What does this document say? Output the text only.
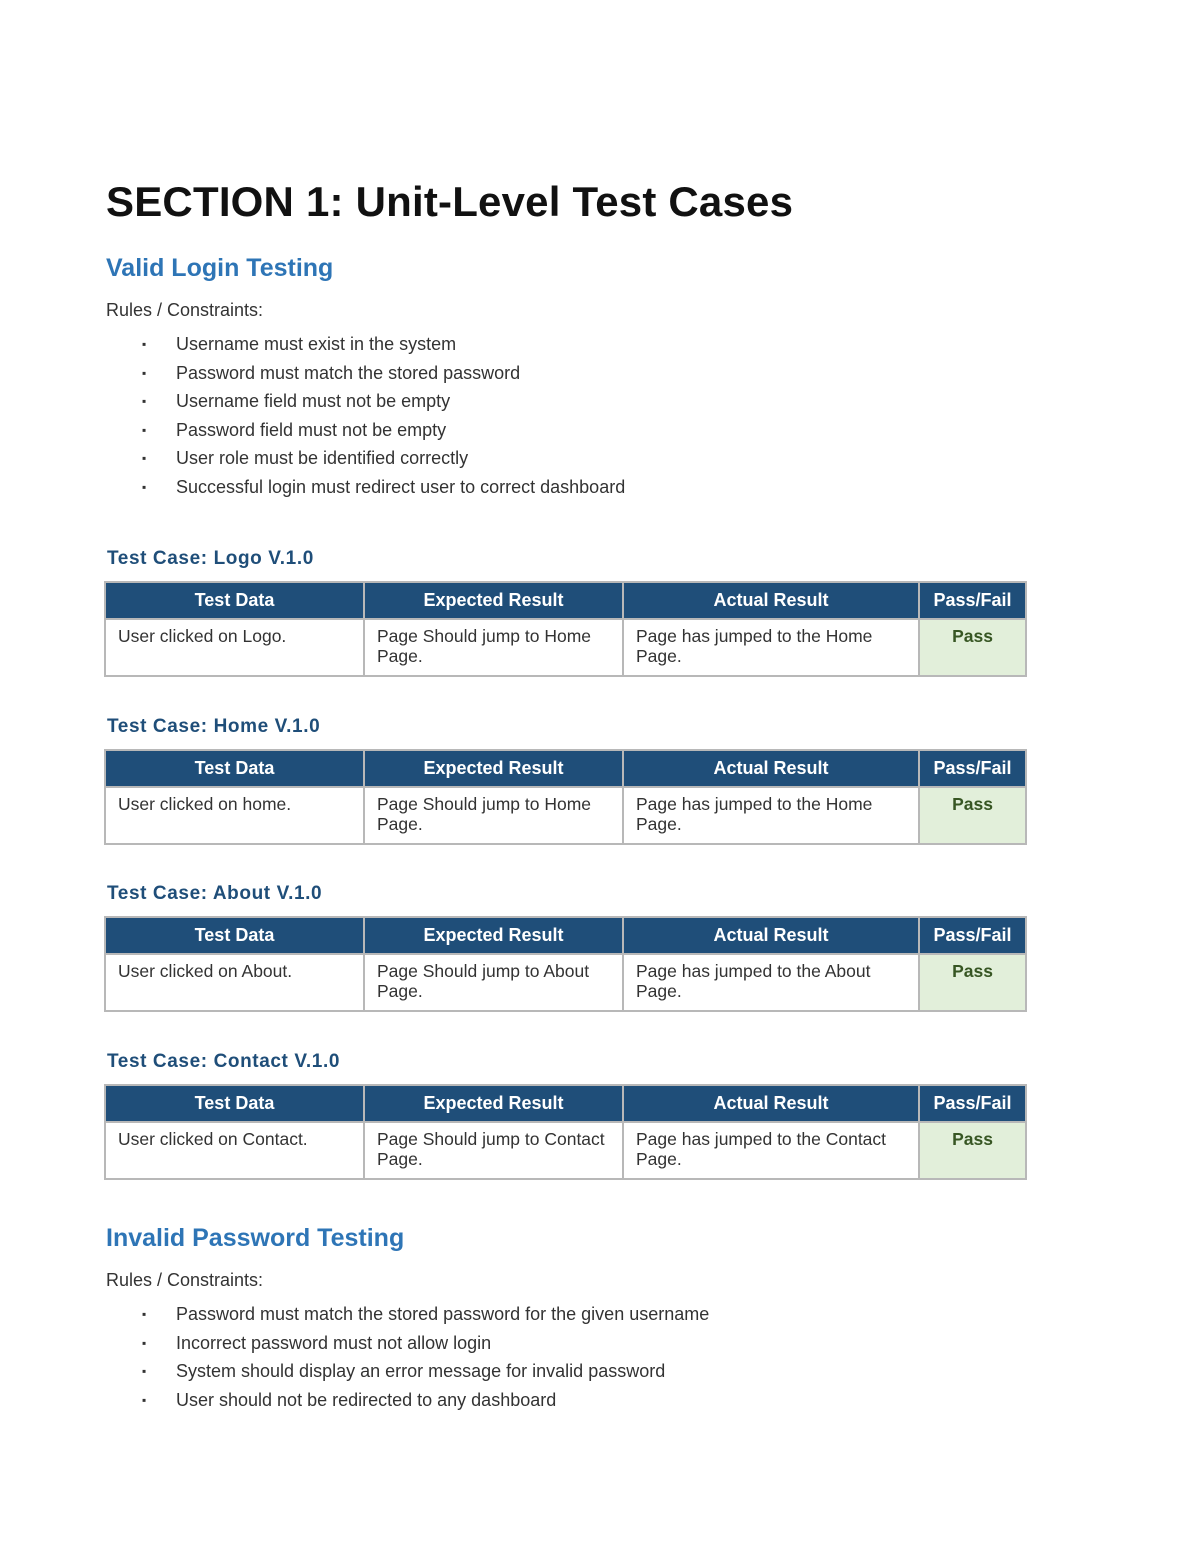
SECTION 1: Unit-Level Test Cases
Valid Login Testing

Rules / Constraints:

▪ Username must exist in the system
▪ Password must match the stored password
▪ Username field must not be empty
▪ Password field must not be empty
▪ User role must be identified correctly
▪ Successful login must redirect user to correct dashboard

Test Case: Logo V.1.0

Test Data	Expected Result	Actual Result	Pass/Fail
User clicked on Logo.	Page Should jump to Home Page.	Page has jumped to the Home Page.	Pass

Test Case: Home V.1.0

Test Data	Expected Result	Actual Result	Pass/Fail
User clicked on home.	Page Should jump to Home Page.	Page has jumped to the Home Page.	Pass

Test Case: About V.1.0

Test Data	Expected Result	Actual Result	Pass/Fail
User clicked on About.	Page Should jump to About Page.	Page has jumped to the About Page.	Pass

Test Case: Contact V.1.0

Test Data	Expected Result	Actual Result	Pass/Fail
User clicked on Contact.	Page Should jump to Contact Page.	Page has jumped to the Contact Page.	Pass
Invalid Password Testing

Rules / Constraints:

▪ Password must match the stored password for the given username
▪ Incorrect password must not allow login
▪ System should display an error message for invalid password
▪ User should not be redirected to any dashboard
